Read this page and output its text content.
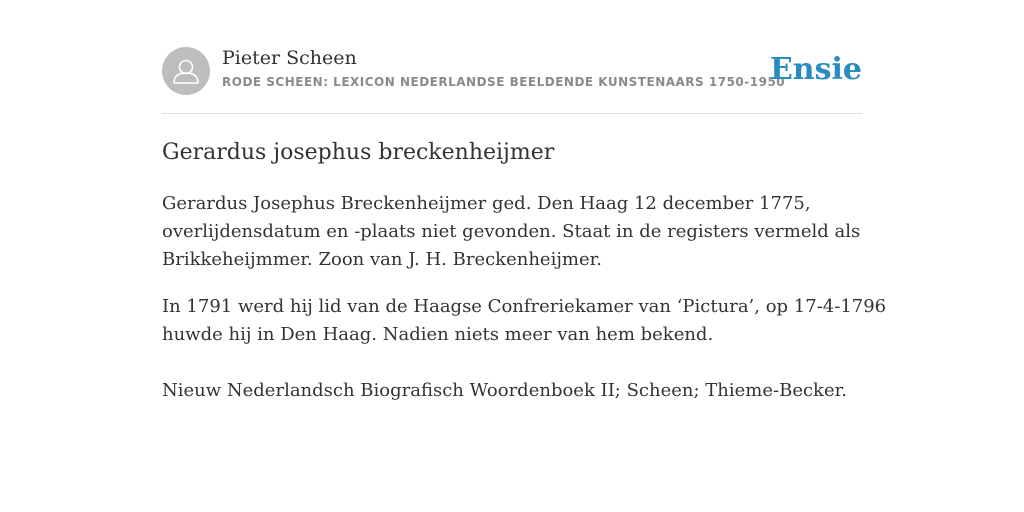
Pieter Scheen
RODE SCHEEN: LEXICON NEDERLANDSE BEELDENDE KUNSTENAARS 1750-1950
Ensie
Gerardus josephus breckenheijmer

Gerardus Josephus Breckenheijmer ged. Den Haag 12 december 1775,
overlijdensdatum en -plaats niet gevonden. Staat in de registers vermeld als
Brikkeheijmmer. Zoon van J. H. Breckenheijmer.

In 1791 werd hij lid van de Haagse Confreriekamer van ‘Pictura’, op 17-4-1796
huwde hij in Den Haag. Nadien niets meer van hem bekend.

Nieuw Nederlandsch Biografisch Woordenboek II; Scheen; Thieme-Becker.
